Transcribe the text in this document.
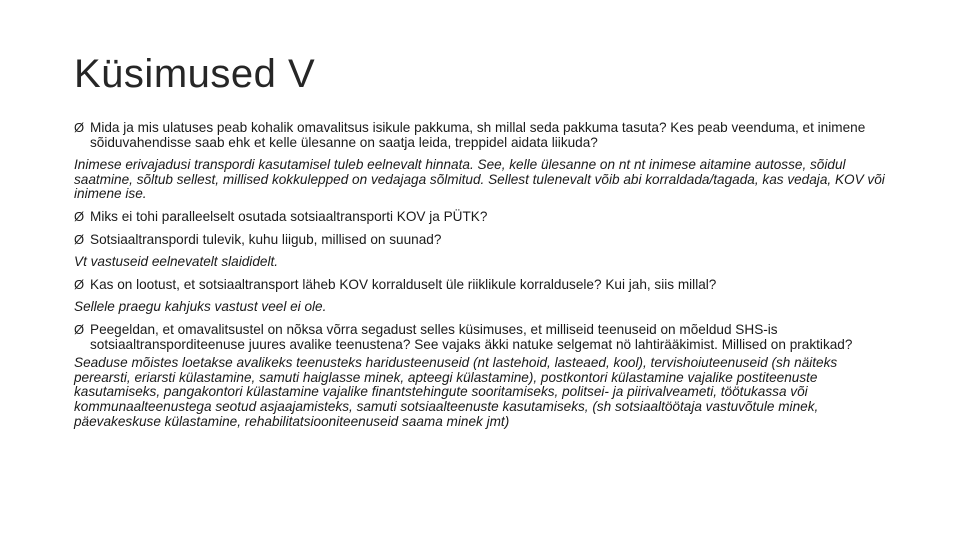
Küsimused V
Ø Mida ja mis ulatuses peab kohalik omavalitsus isikule pakkuma, sh millal seda pakkuma tasuta? Kes peab veenduma, et inimene sõiduvahendisse saab ehk et kelle ülesanne on saatja leida, treppidel aidata liikuda?
Inimese erivajadusi transpordi kasutamisel tuleb eelnevalt hinnata. See, kelle ülesanne on nt nt inimese aitamine autosse, sõidul saatmine, sõltub sellest, millised kokkulepped on vedajaga sõlmitud. Sellest tulenevalt võib abi korraldada/tagada, kas vedaja, KOV või inimene ise.
Ø Miks ei tohi paralleelselt osutada sotsiaaltransporti KOV ja PÜTK?
Ø Sotsiaaltranspordi tulevik, kuhu liigub, millised on suunad?
Vt vastuseid eelnevatelt slaididelt.
Ø Kas on lootust, et sotsiaaltransport läheb KOV korralduselt üle riiklikule korraldusele? Kui jah, siis millal?
Sellele praegu kahjuks vastust veel ei ole.
Ø Peegeldan, et omavalitsustel on nõksa võrra segadust selles küsimuses, et milliseid teenuseid on mõeldud SHS-is sotsiaaltransporditeenuse juures avalike teenustena? See vajaks äkki natuke selgemat nö lahtirääkimist. Millised on praktikad?
Seaduse mõistes loetakse avalikeks teenusteks haridusteenuseid (nt lastehoid, lasteaed, kool), tervishoiuteenuseid (sh näiteks perearsti, eriarsti külastamine, samuti haiglasse minek, apteegi külastamine), postkontori külastamine vajalike postiteenuste kasutamiseks, pangakontori külastamine vajalike finantstehingute sooritamiseks, politsei- ja piirivalveameti, töötukassa või kommunaalteenustega seotud asjaajamisteks, samuti sotsiaalteenuste kasutamiseks, (sh sotsiaaltöötaja vastuvõtule minek, päevakeskuse külastamine, rehabilitatsiooniteenuseid saama minek jmt)
